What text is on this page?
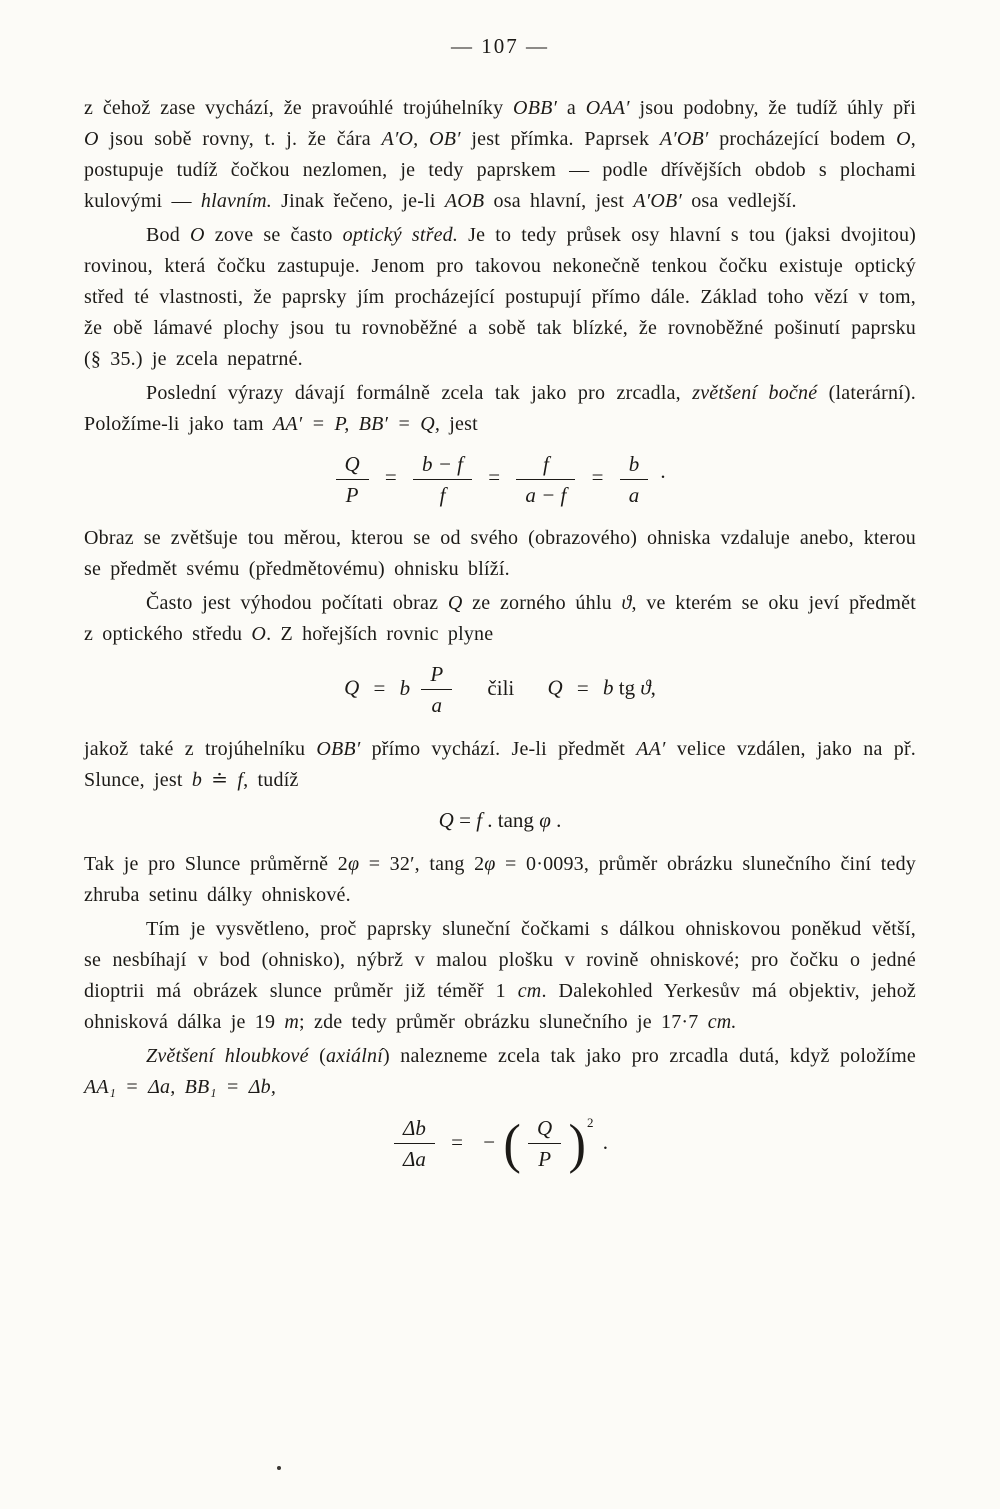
— 107 —

z čehož zase vychází, že pravoúhlé trojúhelníky OBB′ a OAA′ jsou podobny, že tudíž úhly při O jsou sobě rovny, t. j. že čára A′O, OB′ jest přímka. Paprsek A′OB′ procházející bodem O, postupuje tudíž čočkou nezlomen, je tedy paprskem — podle dřívějších obdob s plochami kulovými — hlavním. Jinak řečeno, je-li AOB osa hlavní, jest A′OB′ osa vedlejší.

Bod O zove se často optický střed. Je to tedy průsek osy hlavní s tou (jaksi dvojitou) rovinou, která čočku zastupuje. Jenom pro takovou nekonečně tenkou čočku existuje optický střed té vlastnosti, že paprsky jím procházející postupují přímo dále. Základ toho vězí v tom, že obě lámavé plochy jsou tu rovnoběžné a sobě tak blízké, že rovnoběžné pošinutí paprsku (§ 35.) je zcela nepatrné.

Poslední výrazy dávají formálně zcela tak jako pro zrcadla, zvětšení bočné (laterární). Položíme-li jako tam AA′ = P, BB′ = Q, jest

$\frac{Q}{P} = \frac{b - f}{f} = \frac{f}{a - f} = \frac{b}{a}$ ·

Obraz se zvětšuje tou měrou, kterou se od svého (obrazového) ohniska vzdaluje anebo, kterou se předmět svému (předmětovému) ohnisku blíží.

Často jest výhodou počítati obraz Q ze zorného úhlu ϑ, ve kterém se oku jeví předmět z optického středu O. Z hořejších rovnic plyne

Q = b $\frac{P}{a}$ čili Q = b tg ϑ,

jakož také z trojúhelníku OBB′ přímo vychází. Je-li předmět AA′ velice vzdálen, jako na př. Slunce, jest b ≐ f, tudíž

Q = f . tang φ .

Tak je pro Slunce průměrně 2φ = 32′, tang 2φ = 0·0093, průměr obrázku slunečního činí tedy zhruba setinu dálky ohniskové.

Tím je vysvětleno, proč paprsky sluneční čočkami s dálkou ohniskovou poněkud větší, se nesbíhají v bod (ohnisko), nýbrž v malou plošku v rovině ohniskové; pro čočku o jedné dioptrii má obrázek slunce průměr již téměř 1 cm. Dalekohled Yerkesův má objektiv, jehož ohnisková dálka je 19 m; zde tedy průměr obrázku slunečního je 17·7 cm.

Zvětšení hloubkové (axiální) nalezneme zcela tak jako pro zrcadla dutá, když položíme AA₁ = Δa, BB₁ = Δb,

$\frac{\Delta b}{\Delta a}$ = − ( $\frac{Q}{P} )^2$ .
